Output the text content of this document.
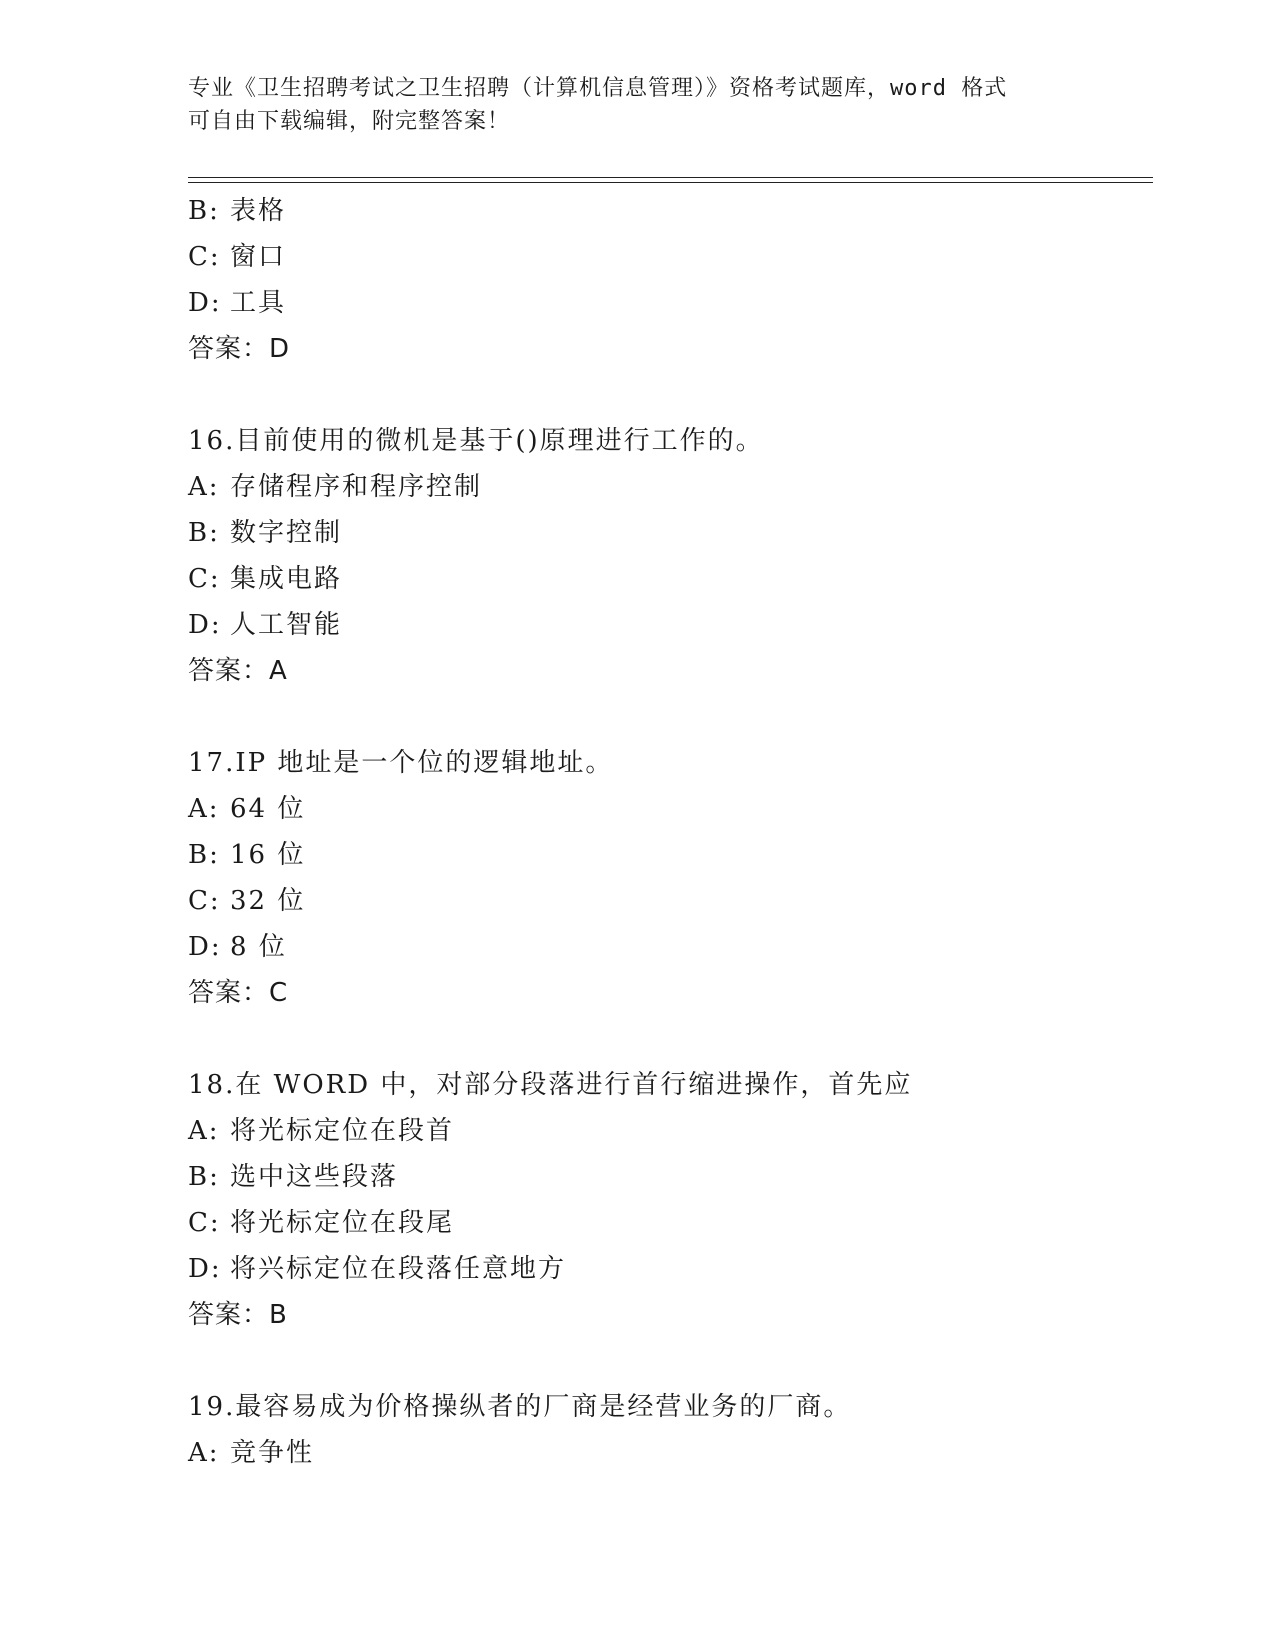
专业《卫生招聘考试之卫生招聘（计算机信息管理）》资格考试题库，word 格式
可自由下载编辑，附完整答案！
B: 表格
C: 窗口
D: 工具
答案：D
16.目前使用的微机是基于()原理进行工作的。
A: 存储程序和程序控制
B: 数字控制
C: 集成电路
D: 人工智能
答案：A
17.IP 地址是一个位的逻辑地址。
A: 64 位
B: 16 位
C: 32 位
D: 8 位
答案：C
18.在 WORD 中，对部分段落进行首行缩进操作，首先应
A: 将光标定位在段首
B: 选中这些段落
C: 将光标定位在段尾
D: 将兴标定位在段落任意地方
答案：B
19.最容易成为价格操纵者的厂商是经营业务的厂商。
A: 竞争性
